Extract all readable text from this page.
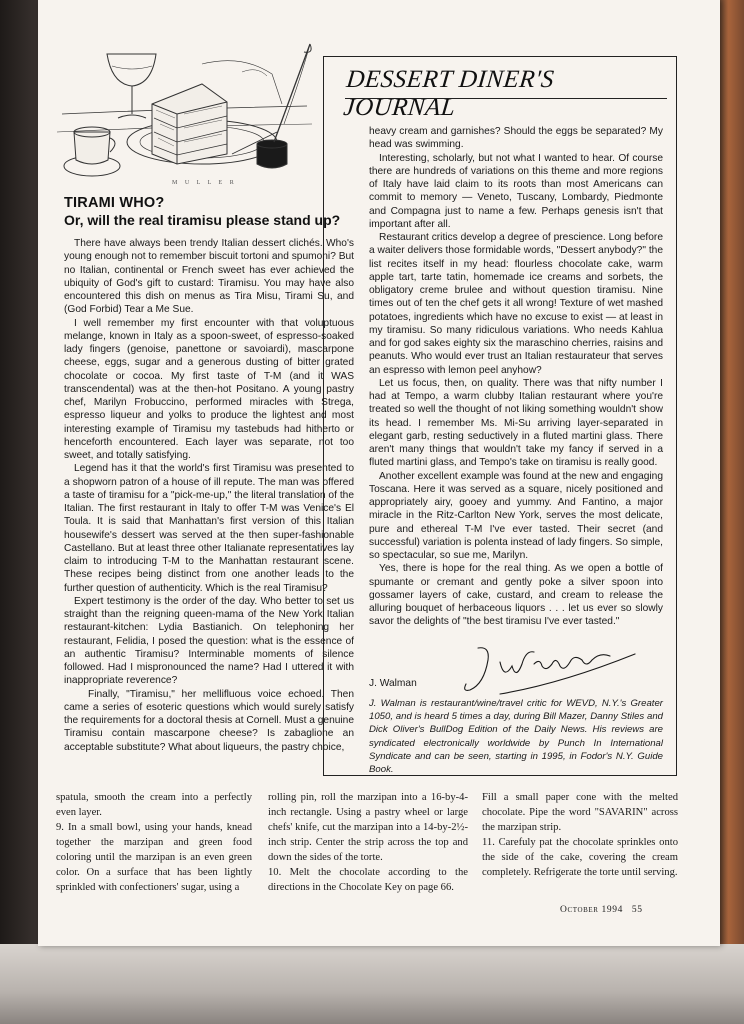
M U L L E R
DESSERT DINER'S JOURNAL
TIRAMI WHO?
Or, will the real tiramisu please stand up?

There have always been trendy Italian dessert clichés. Who's young enough not to remember biscuit tortoni and spumoni? But no Italian, continental or French sweet has ever achieved the ubiquity of God's gift to custard: Tiramisu. You may have also encountered this dish on menus as Tira Misu, Tirami Su, and (God Forbid) Tear a Me Sue.

I well remember my first encounter with that voluptuous melange, known in Italy as a spoon-sweet, of espresso-soaked lady fingers (genoise, panettone or savoiardi), mascarpone cheese, eggs, sugar and a generous dusting of bitter grated chocolate or cocoa. My first taste of T-M (and it WAS transcendental) was at the then-hot Positano. A young pastry chef, Marilyn Frobuccino, performed miracles with Strega, espresso liqueur and yolks to produce the lightest and most interesting example of Tiramisu my tastebuds had hitherto or henceforth encountered. Each layer was separate, not too sweet, and totally satisfying.

Legend has it that the world's first Tiramisu was presented to a shopworn patron of a house of ill repute. The man was offered a taste of tiramisu for a "pick-me-up," the literal translation of the Italian. The first restaurant in Italy to offer T-M was Venice's El Toula. It is said that Manhattan's first version of this Italian housewife's dessert was served at the then super-fashionable Castellano. But at least three other Italianate representatives lay claim to introducing T-M to the Manhattan restaurant scene. These recipes being distinct from one another leads to the further question of authenticity. Which is the real Tiramisu?

Expert testimony is the order of the day. Who better to set us straight than the reigning queen-mama of the New York Italian restaurant-kitchen: Lydia Bastianich. On telephoning her restaurant, Felidia, I posed the question: what is the essence of an authentic Tiramisu? Interminable moments of silence followed. Had I mispronounced the name? Had I uttered it with inappropriate reverence?

Finally, "Tiramisu," her mellifluous voice echoed. Then came a series of esoteric questions which would surely satisfy the requirements for a doctoral thesis at Cornell. Must a genuine Tiramisu contain mascarpone cheese? Is zabaglione an acceptable substitute? What about liqueurs, the pastry choice,

heavy cream and garnishes? Should the eggs be separated? My head was swimming.

Interesting, scholarly, but not what I wanted to hear. Of course there are hundreds of variations on this theme and more regions of Italy have laid claim to its roots than most Americans can commit to memory — Veneto, Tuscany, Lombardy, Piedmonte and Compagna just to name a few. Perhaps genesis isn't that important after all.

Restaurant critics develop a degree of prescience. Long before a waiter delivers those formidable words, "Dessert anybody?" the list recites itself in my head: flourless chocolate cake, warm apple tart, tarte tatin, homemade ice creams and sorbets, the obligatory creme brulee and without question tiramisu. Nine times out of ten the chef gets it all wrong! Texture of wet mashed potatoes, ingredients which have no excuse to exist — at least in my tiramisu. So many ridiculous variations. Who needs Kahlua and for god sakes eighty six the maraschino cherries, raisins and peanuts. Who would ever trust an Italian restaurateur that serves an espresso with lemon peel anyhow?

Let us focus, then, on quality. There was that nifty number I had at Tempo, a warm clubby Italian restaurant where you're treated so well the thought of not liking something wouldn't show its head. I remember Ms. Mi-Su arriving layer-separated in elegant garb, resting seductively in a fluted martini glass. There aren't many things that wouldn't take my fancy if served in a fluted martini glass, and Tempo's take on tiramisu is really good.

Another excellent example was found at the new and engaging Toscana. Here it was served as a square, nicely positioned and appropriately airy, gooey and yummy. And Fantino, a major miracle in the Ritz-Carlton New York, serves the most delicate, pure and ethereal T-M I've ever tasted. Their secret (and successful) variation is polenta instead of lady fingers. So simple, so spectacular, so sue me, Marilyn.

Yes, there is hope for the real thing. As we open a bottle of spumante or cremant and gently poke a silver spoon into gossamer layers of cake, custard, and cream to release the alluring bouquet of herbaceous liquors . . . let us ever so slowly savor the delights of "the best tiramisu I've ever tasted."

J. Walman
J. Walman is restaurant/wine/travel critic for WEVD, N.Y.'s Greater 1050, and is heard 5 times a day, during Bill Mazer, Danny Stiles and Dick Oliver's BullDog Edition of the Daily News. His reviews are syndicated electronically worldwide by Punch In International Syndicate and can be seen, starting in 1995, in Fodor's N.Y. Guide Book.

spatula, smooth the cream into a perfectly even layer.

9. In a small bowl, using your hands, knead together the marzipan and green food coloring until the marzipan is an even green color. On a surface that has been lightly sprinkled with confectioners' sugar, using a

rolling pin, roll the marzipan into a 16-by-4-inch rectangle. Using a pastry wheel or large chefs' knife, cut the marzipan into a 14-by-2½-inch strip. Center the strip across the top and down the sides of the torte.

10. Melt the chocolate according to the directions in the Chocolate Key on page 66.

Fill a small paper cone with the melted chocolate. Pipe the word "SAVARIN" across the marzipan strip.

11. Carefuly pat the chocolate sprinkles onto the side of the cake, covering the cream completely. Refrigerate the torte until serving.

October 1994 55
